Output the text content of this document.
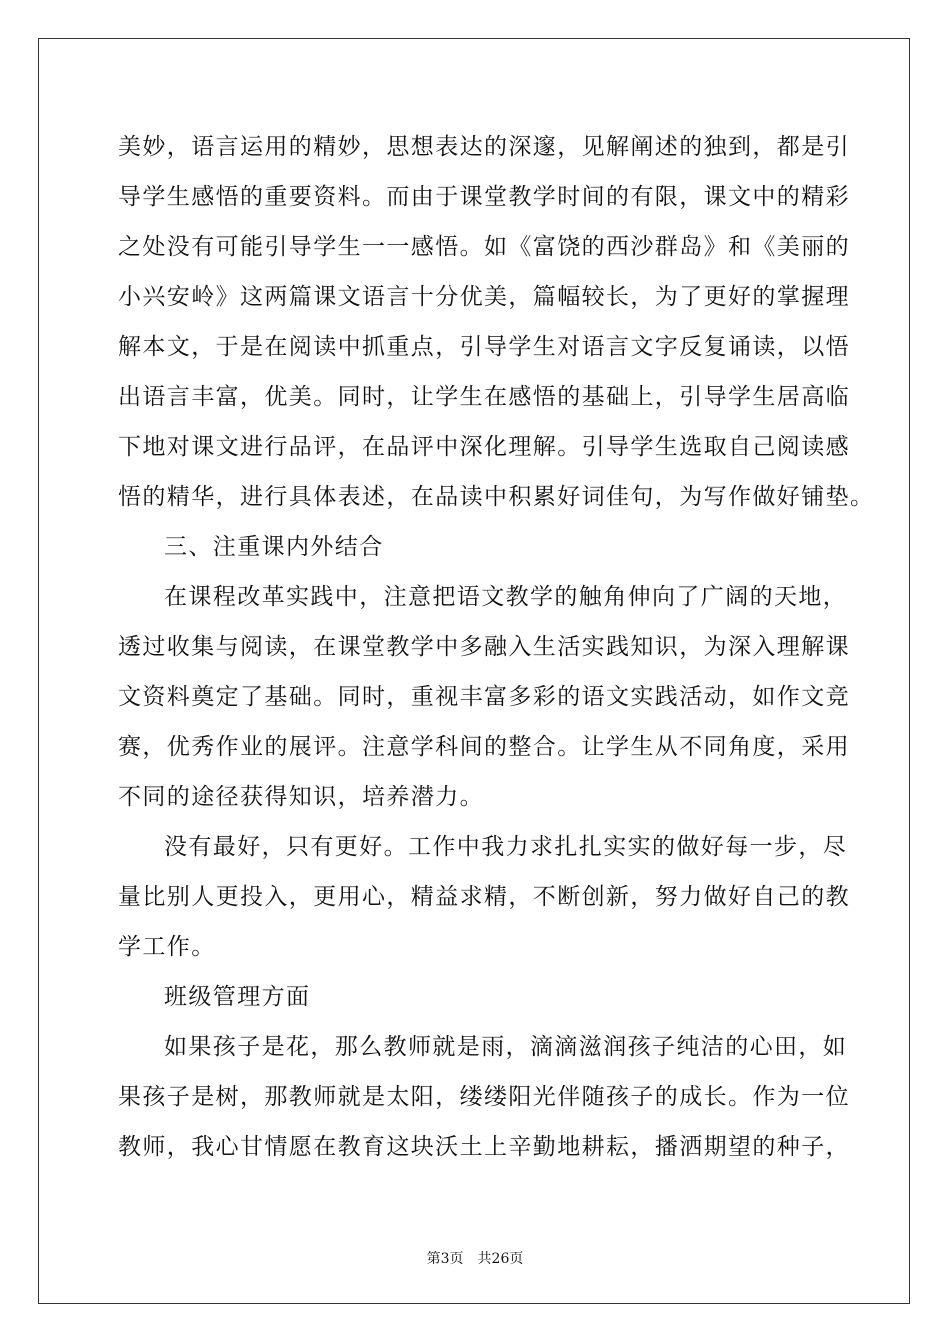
美妙，语言运用的精妙，思想表达的深邃，见解阐述的独到，都是引
导学生感悟的重要资料。而由于课堂教学时间的有限，课文中的精彩
之处没有可能引导学生一一感悟。如《富饶的西沙群岛》和《美丽的
小兴安岭》这两篇课文语言十分优美，篇幅较长，为了更好的掌握理
解本文，于是在阅读中抓重点，引导学生对语言文字反复诵读，以悟
出语言丰富，优美。同时，让学生在感悟的基础上，引导学生居高临
下地对课文进行品评，在品评中深化理解。引导学生选取自己阅读感
悟的精华，进行具体表述，在品读中积累好词佳句，为写作做好铺垫。
三、注重课内外结合
在课程改革实践中，注意把语文教学的触角伸向了广阔的天地，
透过收集与阅读，在课堂教学中多融入生活实践知识，为深入理解课
文资料奠定了基础。同时，重视丰富多彩的语文实践活动，如作文竞
赛，优秀作业的展评。注意学科间的整合。让学生从不同角度，采用
不同的途径获得知识，培养潜力。
没有最好，只有更好。工作中我力求扎扎实实的做好每一步，尽
量比别人更投入，更用心，精益求精，不断创新，努力做好自己的教
学工作。
班级管理方面
如果孩子是花，那么教师就是雨，滴滴滋润孩子纯洁的心田，如
果孩子是树，那教师就是太阳，缕缕阳光伴随孩子的成长。作为一位
教师，我心甘情愿在教育这块沃土上辛勤地耕耘，播洒期望的种子，
第3页 共26页
